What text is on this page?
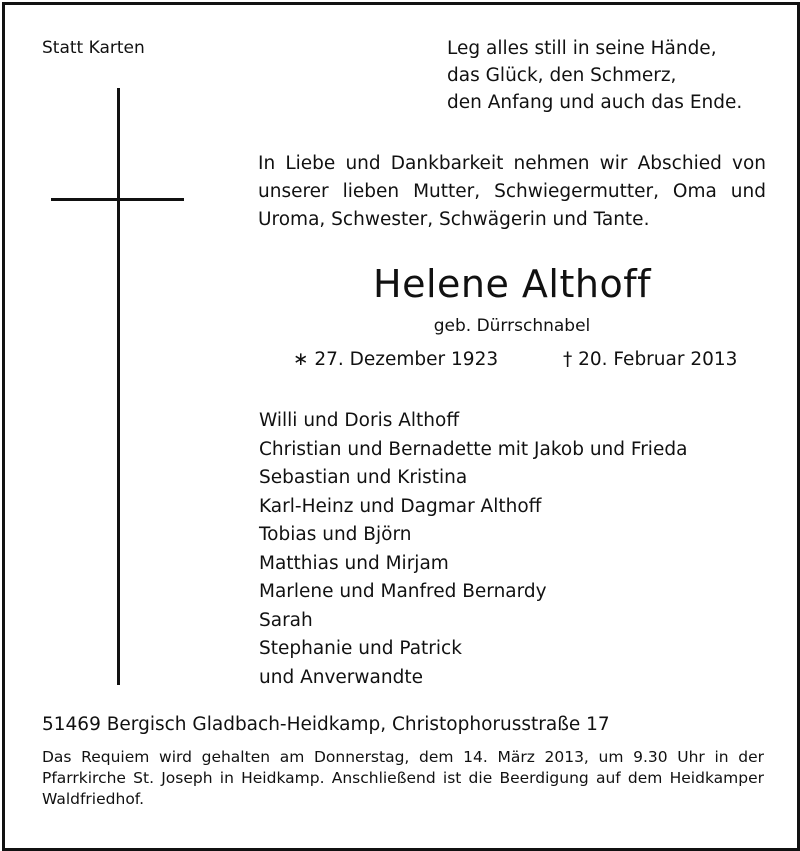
Statt Karten	Leg alles still in seine Hände,
das Glück, den Schmerz,
den Anfang und auch das Ende.

In Liebe und Dankbarkeit nehmen wir Abschied von unserer lieben Mutter, Schwiegermutter, Oma und Uroma, Schwester, Schwägerin und Tante.

Helene Althoff
geb. Dürrschnabel
∗ 27. Dezember 1923	† 20. Februar 2013
Willi und Doris Althoff
Christian und Bernadette mit Jakob und Frieda
Sebastian und Kristina
Karl-Heinz und Dagmar Althoff
Tobias und Björn
Matthias und Mirjam
Marlene und Manfred Bernardy
Sarah
Stephanie und Patrick
und Anverwandte
51469 Bergisch Gladbach-Heidkamp, Christophorusstraße 17

Das Requiem wird gehalten am Donnerstag, dem 14. März 2013, um 9.30 Uhr in der Pfarrkirche St. Joseph in Heidkamp. Anschließend ist die Beerdigung auf dem Heidkamper Waldfriedhof.
